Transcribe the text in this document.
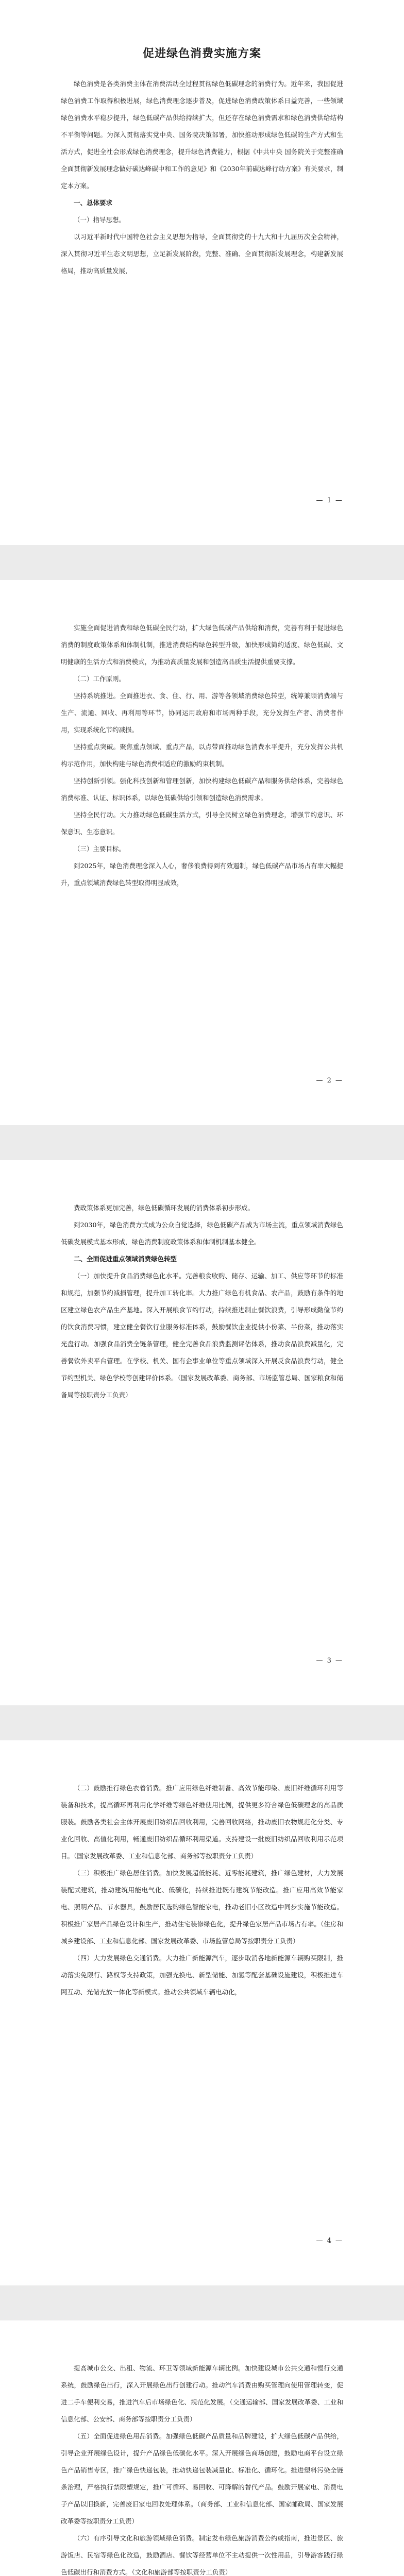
促进绿色消费实施方案

绿色消费是各类消费主体在消费活动全过程贯彻绿色低碳理念的消费行为。近年来，我国促进绿色消费工作取得积极进展，绿色消费理念逐步普及，促进绿色消费政策体系日益完善，一些领域绿色消费水平稳步提升，绿色低碳产品供给持续扩大，但还存在绿色消费需求和绿色消费供给结构不平衡等问题。为深入贯彻落实党中央、国务院决策部署，加快推动形成绿色低碳的生产方式和生活方式，促进全社会形成绿色消费理念，提升绿色消费能力，根据《中共中央 国务院关于完整准确全面贯彻新发展理念做好碳达峰碳中和工作的意见》和《2030年前碳达峰行动方案》有关要求，制定本方案。

一、总体要求

（一）指导思想。

以习近平新时代中国特色社会主义思想为指导，全面贯彻党的十九大和十九届历次全会精神，深入贯彻习近平生态文明思想，立足新发展阶段，完整、准确、全面贯彻新发展理念，构建新发展格局，推动高质量发展，

— 1 —

实施全面促进消费和绿色低碳全民行动，扩大绿色低碳产品供给和消费，完善有利于促进绿色消费的制度政策体系和体制机制，推进消费结构绿色转型升级，加快形成简约适度、绿色低碳、文明健康的生活方式和消费模式，为推动高质量发展和创造高品质生活提供重要支撑。

（二）工作原则。

坚持系统推进。全面推进衣、食、住、行、用、游等各领域消费绿色转型，统筹兼顾消费端与生产、流通、回收、再利用等环节，协同运用政府和市场两种手段，充分发挥生产者、消费者作用，实现系统化节约减损。

坚持重点突破。聚焦重点领域、重点产品，以点带面推动绿色消费水平提升，充分发挥公共机构示范作用，加快构建与绿色消费相适应的激励约束机制。

坚持创新引领。强化科技创新和管理创新，加快构建绿色低碳产品和服务供给体系，完善绿色消费标准、认证、标识体系，以绿色低碳供给引领和创造绿色消费需求。

坚持全民行动。大力推动绿色低碳生活方式，引导全民树立绿色消费理念，增强节约意识、环保意识、生态意识。

（三）主要目标。

到2025年，绿色消费理念深入人心，奢侈浪费得到有效遏制，绿色低碳产品市场占有率大幅提升，重点领域消费绿色转型取得明显成效，

— 2 —

费政策体系更加完善，绿色低碳循环发展的消费体系初步形成。

到2030年，绿色消费方式成为公众自觉选择，绿色低碳产品成为市场主流，重点领域消费绿色低碳发展模式基本形成，绿色消费制度政策体系和体制机制基本健全。

二、全面促进重点领域消费绿色转型

（一）加快提升食品消费绿色化水平。完善粮食收购、储存、运输、加工、供应等环节的标准和规范，加强节约减损管理，提升加工转化率。大力推广绿色有机食品、农产品，鼓励有条件的地区建立绿色农产品生产基地。深入开展粮食节约行动，持续推进制止餐饮浪费，引导形成勤俭节约的饮食消费习惯，建立健全餐饮行业服务标准体系，鼓励餐饮企业提供小份菜、半份菜，推动落实光盘行动。加强食品消费全链条管理，健全完善食品浪费监测评估体系，推动食品浪费减量化，完善餐饮外卖平台管理。在学校、机关、国有企事业单位等重点领域深入开展反食品浪费行动，健全节约型机关、绿色学校等创建评价体系。（国家发展改革委、商务部、市场监管总局、国家粮食和储备局等按职责分工负责）

— 3 —

（二）鼓励推行绿色衣着消费。推广应用绿色纤维制备、高效节能印染、废旧纤维循环利用等装备和技术，提高循环再利用化学纤维等绿色纤维使用比例，提供更多符合绿色低碳理念的高品质服装。鼓励各类社会主体开展废旧纺织品回收利用，完善回收网络，推动废旧衣物规范化分类、专业化回收、高值化利用，畅通废旧纺织品循环利用渠道。支持建设一批废旧纺织品回收利用示范项目。（国家发展改革委、工业和信息化部、商务部等按职责分工负责）

（三）积极推广绿色居住消费。加快发展超低能耗、近零能耗建筑，推广绿色建材，大力发展装配式建筑，推动建筑用能电气化、低碳化，持续推进既有建筑节能改造。推广应用高效节能家电、照明产品、节水器具，鼓励居民选购绿色智能家电，推动老旧小区改造中同步实施节能改造。积极推广家居产品绿色设计和生产，推动住宅装修绿色化，提升绿色家居产品市场占有率。（住房和城乡建设部、工业和信息化部、国家发展改革委、市场监管总局等按职责分工负责）

（四）大力发展绿色交通消费。大力推广新能源汽车，逐步取消各地新能源车辆购买限制，推动落实免限行、路权等支持政策，加强充换电、新型储能、加氢等配套基础设施建设，积极推进车网互动、光储充放一体化等新模式。推动公共领域车辆电动化，

— 4 —

提高城市公交、出租、物流、环卫等领域新能源车辆比例。加快建设城市公共交通和慢行交通系统，鼓励绿色出行，深入开展绿色出行创建行动。推动汽车消费由购买管理向使用管理转变，促进二手车便利交易，推进汽车后市场绿色化、规范化发展。（交通运输部、国家发展改革委、工业和信息化部、公安部、商务部等按职责分工负责）

（五）全面促进绿色用品消费。加强绿色低碳产品质量和品牌建设，扩大绿色低碳产品供给，引导企业开展绿色设计，提升产品绿色低碳化水平。深入开展绿色商场创建，鼓励电商平台设立绿色产品销售专区，推广绿色快递包装，推动快递包装减量化、标准化、循环化。推进塑料污染全链条治理，严格执行禁限塑规定，推广可循环、易回收、可降解的替代产品。鼓励开展家电、消费电子产品以旧换新，完善废旧家电回收处理体系。（商务部、工业和信息化部、国家邮政局、国家发展改革委等按职责分工负责）

（六）有序引导文化和旅游领域绿色消费。制定发布绿色旅游消费公约或指南，推进景区、旅游饭店、民宿等绿色化改造，鼓励酒店、餐饮等经营单位不主动提供一次性用品，引导游客践行绿色低碳出行和消费方式。（文化和旅游部等按职责分工负责）
